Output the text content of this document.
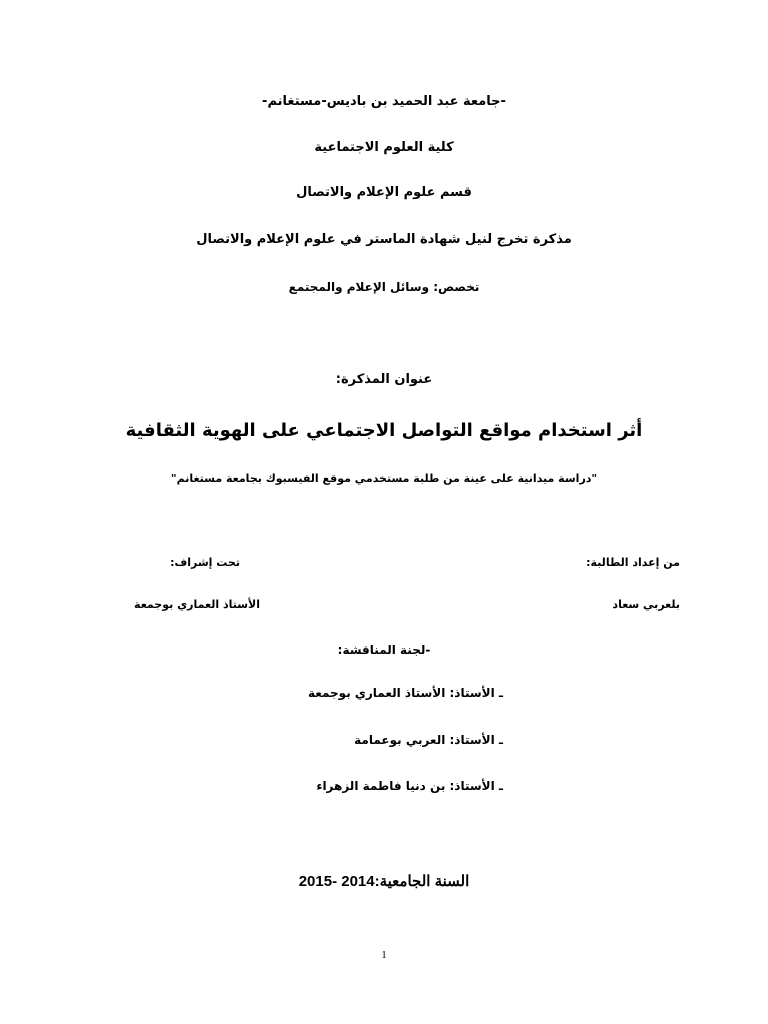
-جامعة عبد الحميد بن باديس-مستغانم-
كلية العلوم الاجتماعية
قسم علوم الإعلام والاتصال
مذكرة تخرج لنيل شهادة الماستر في علوم الإعلام والاتصال
تخصص: وسائل الإعلام والمجتمع
عنوان المذكرة:
أثر استخدام مواقع التواصل الاجتماعي على الهوية الثقافية
"دراسة ميدانية على عينة من طلبة مستخدمي موقع الفيسبوك بجامعة مستغانم"
من إعداد الطالبة:
تحت إشراف:
بلعربي سعاد
الأستاذ العماري بوجمعة
-لجنة المناقشة:
ـ الأستاذ: الأستاذ العماري بوجمعة
ـ الأستاذ: العربي بوعمامة
ـ الأستاذ: بن دنيا فاطمة الزهراء
السنة الجامعية:2014 -2015
1
